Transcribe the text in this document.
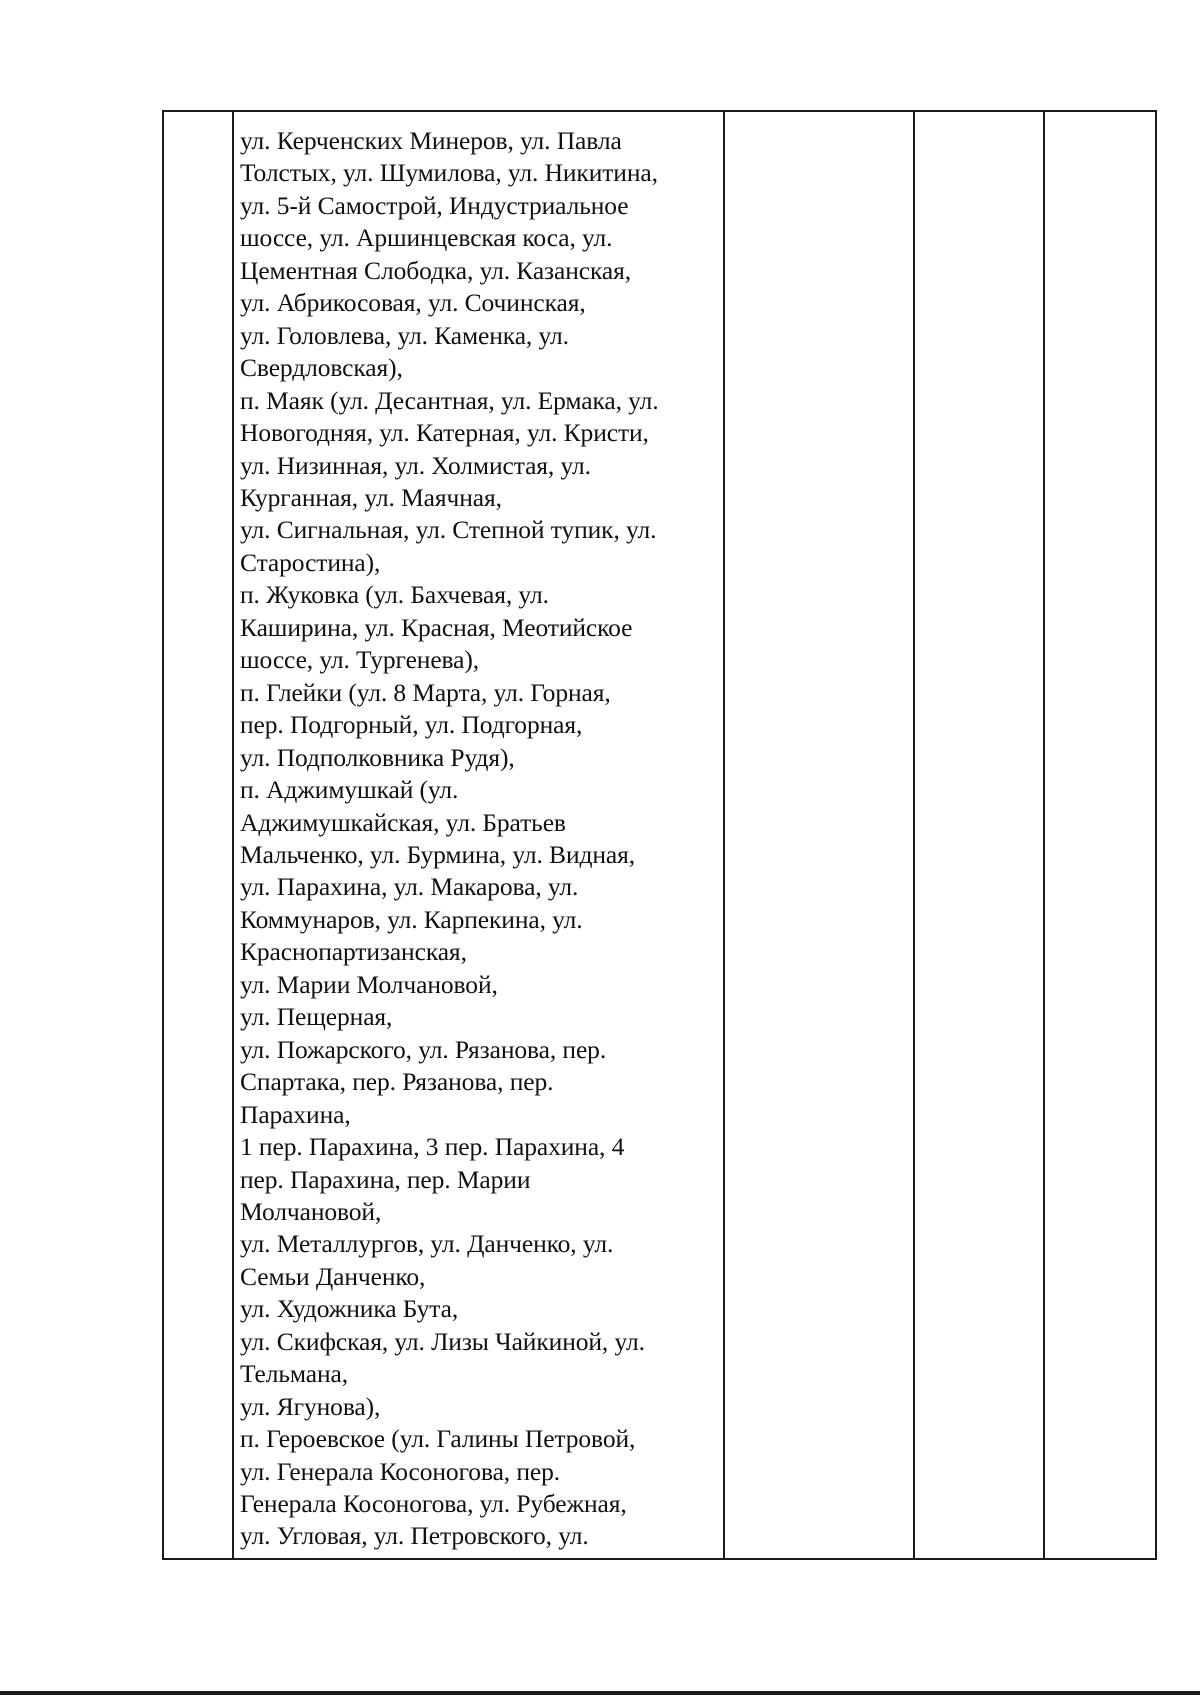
ул. Керченских Минеров, ул. Павла
Толстых, ул. Шумилова, ул. Никитина,
ул. 5-й Самострой, Индустриальное
шоссе, ул. Аршинцевская коса, ул.
Цементная Слободка, ул. Казанская,
ул. Абрикосовая, ул. Сочинская,
ул. Головлева, ул. Каменка, ул.
Свердловская),
п. Маяк (ул. Десантная, ул. Ермака, ул.
Новогодняя, ул. Катерная, ул. Кристи,
ул. Низинная, ул. Холмистая, ул.
Курганная, ул. Маячная,
ул. Сигнальная, ул. Степной тупик, ул.
Старостина),
п. Жуковка (ул. Бахчевая, ул.
Каширина, ул. Красная, Меотийское
шоссе, ул. Тургенева),
п. Глейки (ул. 8 Марта, ул. Горная,
пер. Подгорный, ул. Подгорная,
ул. Подполковника Рудя),
п. Аджимушкай (ул.
Аджимушкайская, ул. Братьев
Мальченко, ул. Бурмина, ул. Видная,
ул. Парахина, ул. Макарова, ул.
Коммунаров, ул. Карпекина, ул.
Краснопартизанская,
ул. Марии Молчановой,
ул. Пещерная,
ул. Пожарского, ул. Рязанова, пер.
Спартака, пер. Рязанова, пер.
Парахина,
1 пер. Парахина, 3 пер. Парахина, 4
пер. Парахина, пер. Марии
Молчановой,
ул. Металлургов, ул. Данченко, ул.
Семьи Данченко,
ул. Художника Бута,
ул. Скифская, ул. Лизы Чайкиной, ул.
Тельмана,
ул. Ягунова),
п. Героевское (ул. Галины Петровой,
ул. Генерала Косоногова, пер.
Генерала Косоногова, ул. Рубежная,
ул. Угловая, ул. Петровского, ул.
